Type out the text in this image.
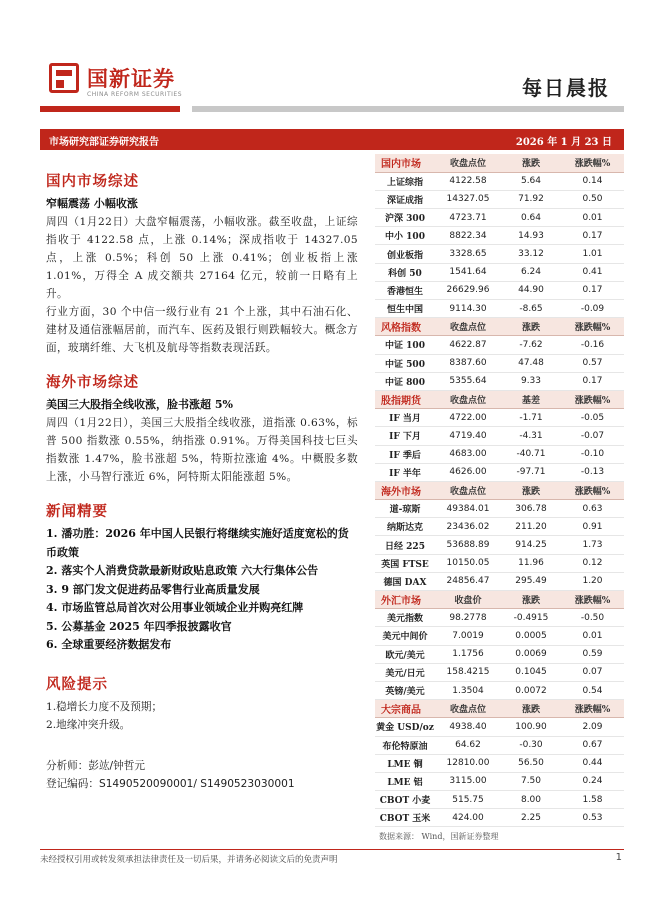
国新证券
CHINA REFORM SECURITIES	每日晨报
市场研究部证券研究报告	2026 年 1 月 23 日
国内市场综述
窄幅震荡 小幅收涨
周四（1月22日）大盘窄幅震荡，小幅收涨。截至收盘，上证综指收于 4122.58 点，上涨 0.14%；深成指收于 14327.05 点，上涨 0.5%；科创 50 上涨 0.41%；创业板指上涨 1.01%，万得全 A 成交额共 27164 亿元，较前一日略有上升。
行业方面，30 个中信一级行业有 21 个上涨，其中石油石化、建材及通信涨幅居前，而汽车、医药及银行则跌幅较大。概念方面，玻璃纤维、大飞机及航母等指数表现活跃。
海外市场综述
美国三大股指全线收涨，脸书涨超 5%
周四（1月22日），美国三大股指全线收涨，道指涨 0.63%，标普 500 指数涨 0.55%，纳指涨 0.91%。万得美国科技七巨头指数涨 1.47%，脸书涨超 5%，特斯拉涨逾 4%。中概股多数上涨，小马智行涨近 6%，阿特斯太阳能涨超 5%。
新闻精要
1. 潘功胜：2026 年中国人民银行将继续实施好适度宽松的货币政策
2. 落实个人消费贷款最新财政贴息政策 六大行集体公告
3. 9 部门发文促进药品零售行业高质量发展
4. 市场监管总局首次对公用事业领域企业并购亮红牌
5. 公募基金 2025 年四季报披露收官
6. 全球重要经济数据发布
风险提示
1.稳增长力度不及预期；
2.地缘冲突升级。
分析师：彭竑/钟哲元
登记编码：S1490520090001/ S1490523030001
国内市场	收盘点位	涨跌	涨跌幅%
上证综指	4122.58	5.64	0.14
深证成指	14327.05	71.92	0.50
沪深 300	4723.71	0.64	0.01
中小 100	8822.34	14.93	0.17
创业板指	3328.65	33.12	1.01
科创 50	1541.64	6.24	0.41
香港恒生	26629.96	44.90	0.17
恒生中国	9114.30	-8.65	-0.09
风格指数	收盘点位	涨跌	涨跌幅%
中证 100	4622.87	-7.62	-0.16
中证 500	8387.60	47.48	0.57
中证 800	5355.64	9.33	0.17
股指期货	收盘点位	基差	涨跌幅%
IF 当月	4722.00	-1.71	-0.05
IF 下月	4719.40	-4.31	-0.07
IF 季后	4683.00	-40.71	-0.10
IF 半年	4626.00	-97.71	-0.13
海外市场	收盘点位	涨跌	涨跌幅%
道-琼斯	49384.01	306.78	0.63
纳斯达克	23436.02	211.20	0.91
日经 225	53688.89	914.25	1.73
英国 FTSE	10150.05	11.96	0.12
德国 DAX	24856.47	295.49	1.20
外汇市场	收盘价	涨跌	涨跌幅%
美元指数	98.2778	-0.4915	-0.50
美元中间价	7.0019	0.0005	0.01
欧元/美元	1.1756	0.0069	0.59
美元/日元	158.4215	0.1045	0.07
英镑/美元	1.3504	0.0072	0.54
大宗商品	收盘点位	涨跌	涨跌幅%
黄金 USD/oz	4938.40	100.90	2.09
布伦特原油	64.62	-0.30	0.67
LME 铜	12810.00	56.50	0.44
LME 铝	3115.00	7.50	0.24
CBOT 小麦	515.75	8.00	1.58
CBOT 玉米	424.00	2.25	0.53
数据来源： Wind，国新证券整理
未经授权引用或转发须承担法律责任及一切后果，并请务必阅读文后的免责声明	1
